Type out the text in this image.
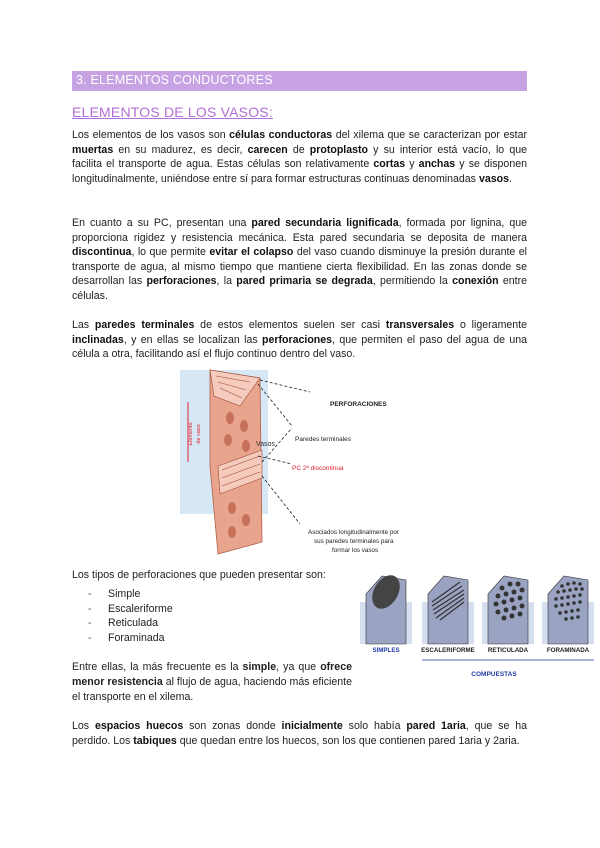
3. ELEMENTOS CONDUCTORES
ELEMENTOS DE LOS VASOS:

Los elementos de los vasos son células conductoras del xilema que se caracterizan por estar muertas en su madurez, es decir, carecen de protoplasto y su interior está vacío, lo que facilita el transporte de agua. Estas células son relativamente cortas y anchas y se disponen longitudinalmente, uniéndose entre sí para formar estructuras continuas denominadas vasos.

En cuanto a su PC, presentan una pared secundaria lignificada, formada por lignina, que proporciona rigidez y resistencia mecánica. Esta pared secundaria se deposita de manera discontinua, lo que permite evitar el colapso del vaso cuando disminuye la presión durante el transporte de agua, al mismo tiempo que mantiene cierta flexibilidad. En las zonas donde se desarrollan las perforaciones, la pared primaria se degrada, permitiendo la conexión entre células.

Las paredes terminales de estos elementos suelen ser casi transversales o ligeramente inclinadas, y en ellas se localizan las perforaciones, que permiten el paso del agua de una célula a otra, facilitando así el flujo continuo dentro del vaso.

Vasos
Elemento de vaso
PERFORACIONES
Paredes terminales
PC 2ª discontinua
Asociados longitudinalmente por
sus paredes terminales para
formar los vasos
Los tipos de perforaciones que pueden presentar son:
- Simple
- Escaleriforme
- Reticulada
- Foraminada

Entre ellas, la más frecuente es la simple, ya que ofrece menor resistencia al flujo de agua, haciendo más eficiente el transporte en el xilema.

SIMPLES	ESCALERIFORME RETICULADA	FORAMINADA
COMPUESTAS

Los espacios huecos son zonas donde inicialmente solo había pared 1aria, que se ha perdido. Los tabiques que quedan entre los huecos, son los que contienen pared 1aria y 2aria.
